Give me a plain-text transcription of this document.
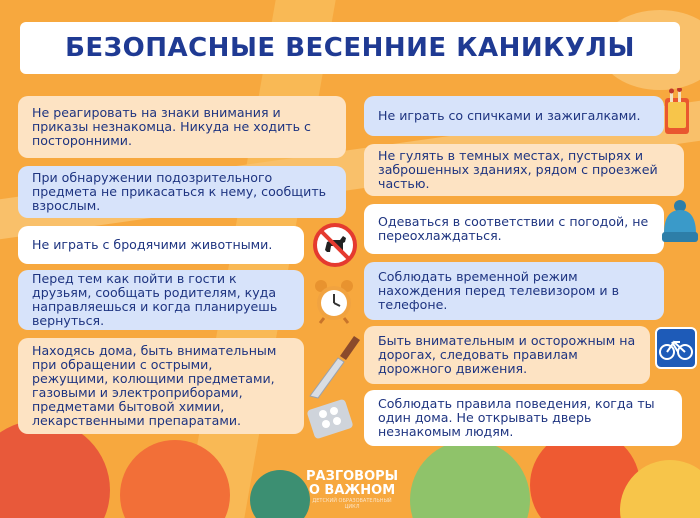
БЕЗОПАСНЫЕ ВЕСЕННИЕ КАНИКУЛЫ
Не реагировать на знаки внимания и приказы незнакомца. Никуда не ходить с посторонними.
При обнаружении подозрительного предмета не прикасаться к нему, сообщить взрослым.
Не играть с бродячими животными.
Перед тем как пойти в гости к друзьям, сообщать родителям, куда направляешься и когда планируешь вернуться.
Находясь дома, быть внимательным при обращении с острыми, режущими, колющими предметами, газовыми и электроприборами, предметами бытовой химии, лекарственными препаратами.
Не играть со спичками и зажигалками.
Не гулять в темных местах, пустырях и заброшенных зданиях, рядом с проезжей частью.
Одеваться в соответствии с погодой, не переохлаждаться.
Соблюдать временной режим нахождения перед телевизором и в телефоне.
Быть внимательным и осторожным на дорогах, следовать правилам дорожного движения.
Соблюдать правила поведения, когда ты один дома. Не открывать дверь незнакомым людям.
РАЗГОВОРЫ
О ВАЖНОМ
ДЕТСКИЙ ОБРАЗОВАТЕЛЬНЫЙ ЦИКЛ
